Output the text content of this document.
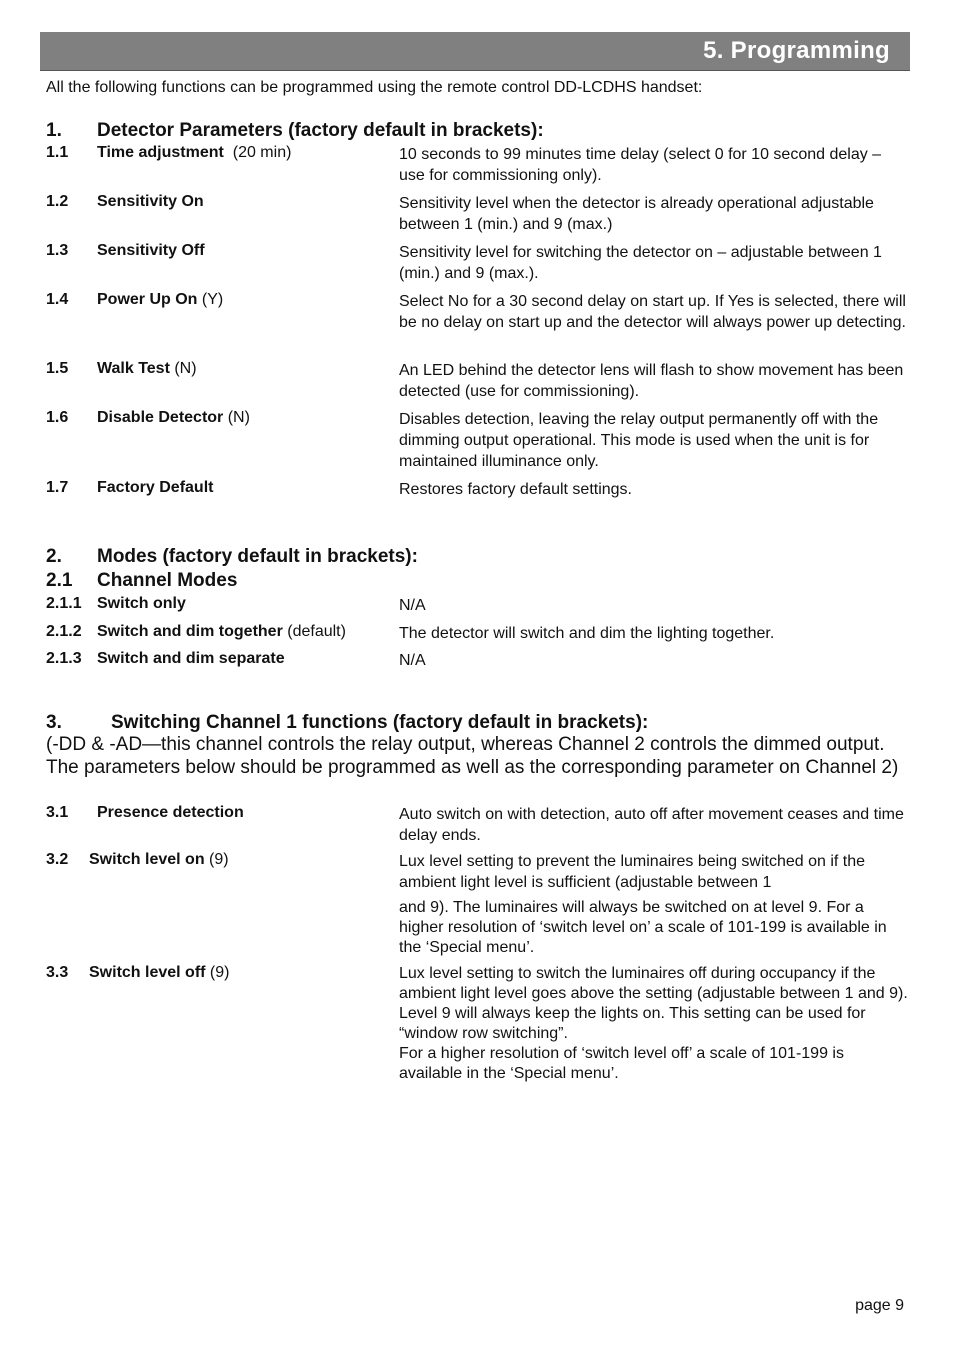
5. Programming
All the following functions can be programmed using the remote control DD-LCDHS handset:
1. Detector Parameters (factory default in brackets):
1.1 Time adjustment  (20 min)	10 seconds to 99 minutes time delay (select 0 for 10 second delay – use for commissioning only).
1.2 Sensitivity On	Sensitivity level when the detector is already operational adjustable between 1 (min.) and 9 (max.)
1.3 Sensitivity Off	Sensitivity level for switching the detector on – adjustable between 1 (min.) and 9 (max.).
1.4 Power Up On (Y)	Select No for a 30 second delay on start up. If Yes is selected, there will be no delay on start up and the detector will always power up detecting.
1.5 Walk Test (N)	An LED behind the detector lens will flash to show movement has been detected (use for commissioning).
1.6 Disable Detector (N)	Disables detection, leaving the relay output permanently off with the dimming output operational. This mode is used when the unit is for maintained illuminance only.
1.7 Factory Default	Restores factory default settings.
2. Modes (factory default in brackets):
2.1 Channel Modes
2.1.1 Switch only	N/A
2.1.2 Switch and dim together (default)	The detector will switch and dim the lighting together.
2.1.3 Switch and dim separate	N/A
3.	Switching Channel 1 functions (factory default in brackets):
(-DD & -AD—this channel controls the relay output, whereas Channel 2 controls the dimmed output. The parameters below should be programmed as well as the corresponding parameter on Channel 2)
3.1 Presence detection	Auto switch on with detection, auto off after movement ceases and time delay ends.
3.2 Switch level on (9)	Lux level setting to prevent the luminaires being switched on if the ambient light level is sufficient (adjustable between 1
and 9). The luminaires will always be switched on at level 9. For a higher resolution of ‘switch level on’ a scale of 101-199 is available in the ‘Special menu’.
3.3 Switch level off (9)	Lux level setting to switch the luminaires off during occupancy if the ambient light level goes above the setting (adjustable between 1 and 9). Level 9 will always keep the lights on. This setting can be used for “window row switching”.
For a higher resolution of ‘switch level off’ a scale of 101-199 is available in the ‘Special menu’.
page 9
